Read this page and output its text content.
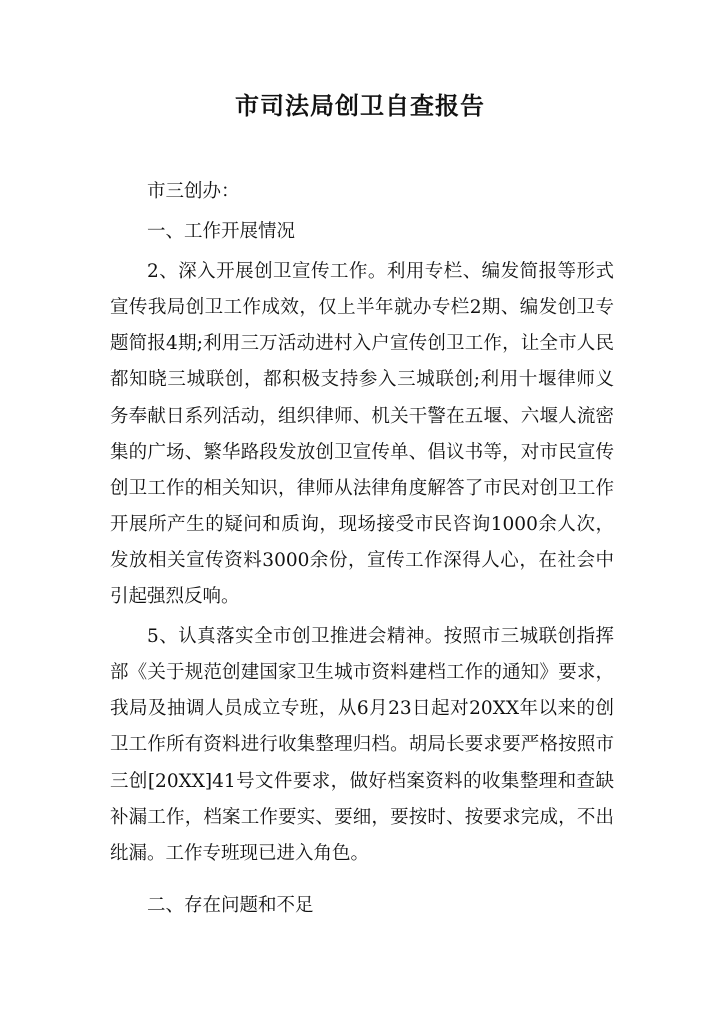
市司法局创卫自查报告

市三创办：

一、工作开展情况

2、深入开展创卫宣传工作。利用专栏、编发简报等形式宣传我局创卫工作成效，仅上半年就办专栏2期、编发创卫专题简报4期;利用三万活动进村入户宣传创卫工作，让全市人民都知晓三城联创，都积极支持参入三城联创;利用十堰律师义务奉献日系列活动，组织律师、机关干警在五堰、六堰人流密集的广场、繁华路段发放创卫宣传单、倡议书等，对市民宣传创卫工作的相关知识，律师从法律角度解答了市民对创卫工作开展所产生的疑问和质询，现场接受市民咨询1000余人次，发放相关宣传资料3000余份，宣传工作深得人心，在社会中引起强烈反响。

5、认真落实全市创卫推进会精神。按照市三城联创指挥部《关于规范创建国家卫生城市资料建档工作的通知》要求，我局及抽调人员成立专班，从6月23日起对20XX年以来的创卫工作所有资料进行收集整理归档。胡局长要求要严格按照市三创[20XX]41号文件要求，做好档案资料的收集整理和查缺补漏工作，档案工作要实、要细，要按时、按要求完成，不出纰漏。工作专班现已进入角色。

二、存在问题和不足
